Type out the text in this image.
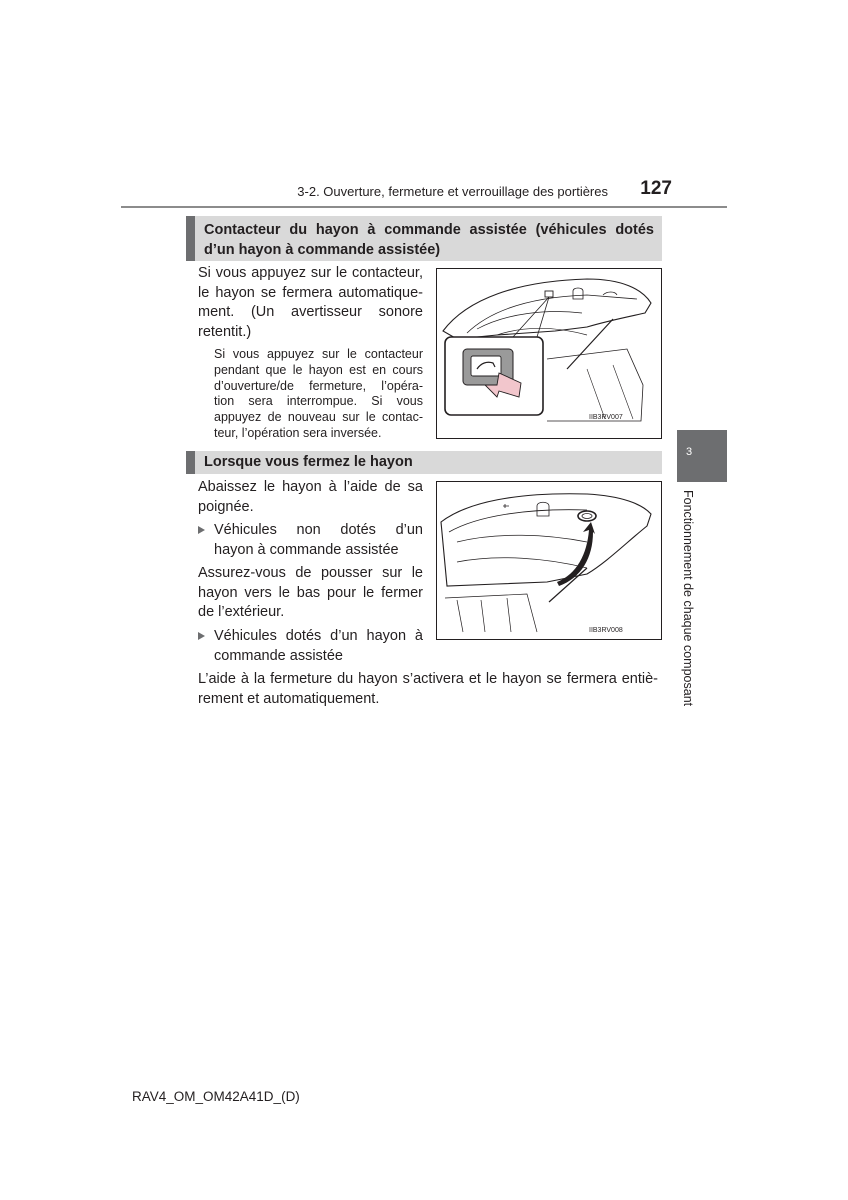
3-2. Ouverture, fermeture et verrouillage des portières	127
3
Fonctionnement de chaque composant
Contacteur du hayon à commande assistée (véhicules dotés
d’un hayon à commande assistée)
Si vous appuyez sur le contacteur,
le hayon se fermera automatique-
ment. (Un avertisseur sonore
retentit.)
Si vous appuyez sur le contacteur
pendant que le hayon est en cours
d’ouverture/de fermeture, l’opéra-
tion sera interrompue. Si vous
appuyez de nouveau sur le contac-
teur, l’opération sera inversée.
IIB3RV007
Lorsque vous fermez le hayon
Abaissez le hayon à l’aide de sa
poignée.
Véhicules non dotés d’un
hayon à commande assistée
Assurez-vous de pousser sur le
hayon vers le bas pour le fermer
de l’extérieur.
Véhicules dotés d’un hayon à
commande assistée
L’aide à la fermeture du hayon s’activera et le hayon se fermera entiè-
rement et automatiquement.
IIB3RV008
RAV4_OM_OM42A41D_(D)
